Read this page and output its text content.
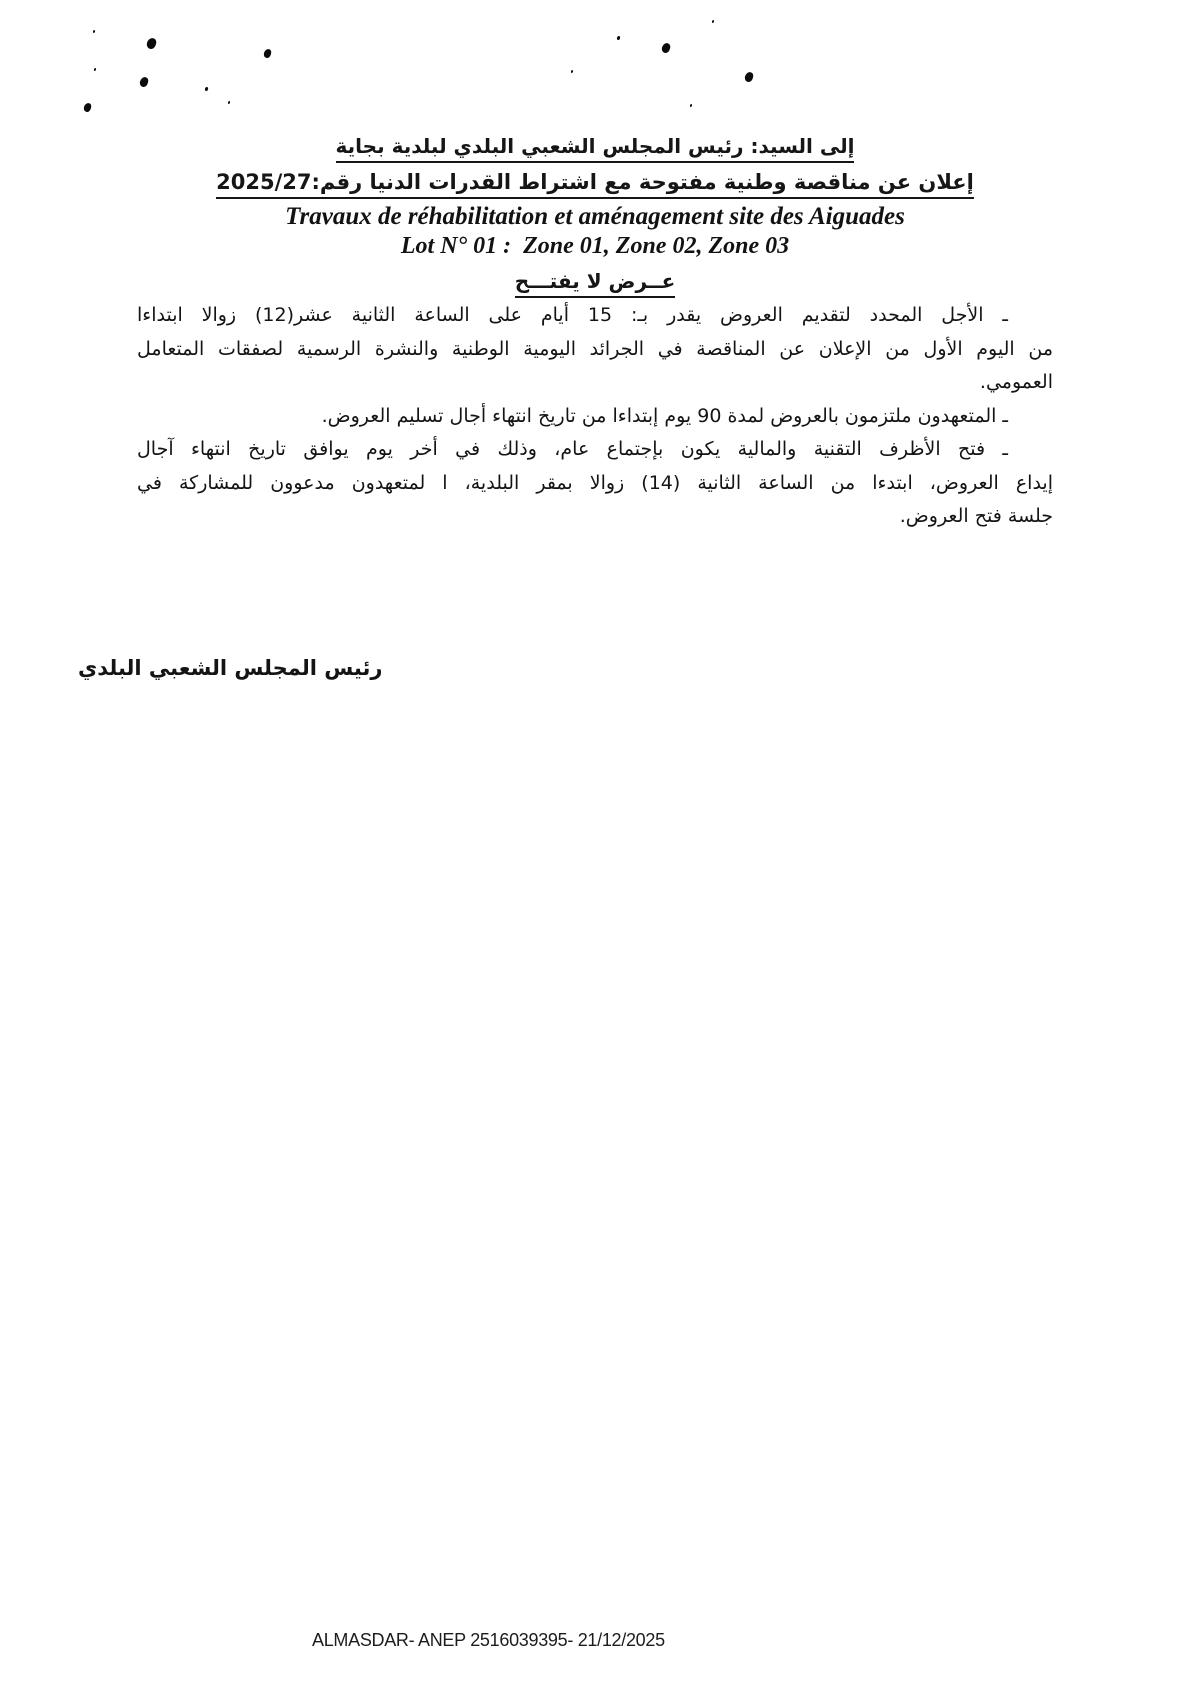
إلى السيد: رئيس المجلس الشعبي البلدي لبلدية بجاية
إعلان عن مناقصة وطنية مفتوحة مع اشتراط القدرات الدنيا رقم:2025/27
Travaux de réhabilitation et aménagement site des Aiguades
Lot N° 01 :  Zone 01, Zone 02, Zone 03
عــرض لا يفتـــح
ـ الأجل المحدد لتقديم العروض يقدر بـ: 15 أيام على الساعة الثانية عشر(12) زوالا ابتداءا
من اليوم الأول من الإعلان عن المناقصة في الجرائد اليومية الوطنية والنشرة الرسمية لصفقات المتعامل
العمومي.
ـ المتعهدون ملتزمون بالعروض لمدة 90 يوم إبتداءا من تاريخ انتهاء أجال تسليم العروض.
ـ فتح الأظرف التقنية والمالية يكون بإجتماع عام، وذلك في أخر يوم يوافق تاريخ انتهاء آجال
إيداع العروض، ابتدءا من الساعة الثانية (14) زوالا بمقر البلدية، ا لمتعهدون مدعوون للمشاركة في
جلسة فتح العروض.
رئيس المجلس الشعبي البلدي
ALMASDAR- ANEP 2516039395- 21/12/2025
